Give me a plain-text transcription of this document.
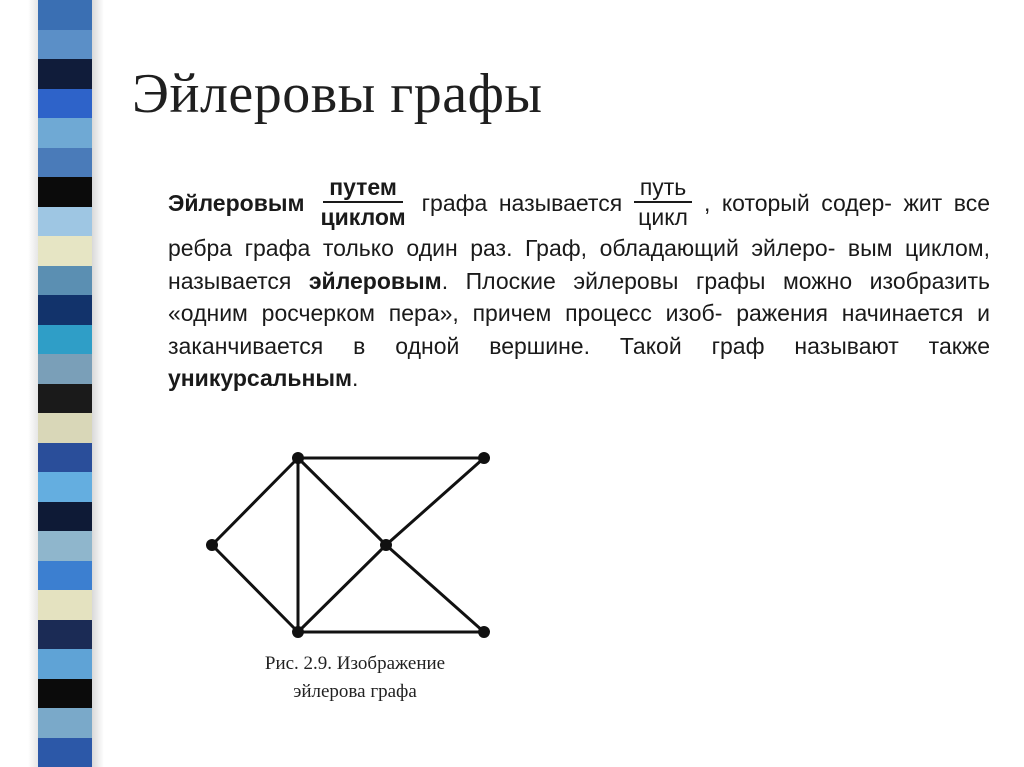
Эйлеровы графы

Эйлеровым $\frac{\text{путем}}{\text{циклом}}$ графа называется $\frac{\text{путь}}{\text{цикл}}$ , который содер- жит все ребра графа только один раз. Граф, обладающий эйлеро- вым циклом, называется эйлеровым. Плоские эйлеровы графы можно изобразить «одним росчерком пера», причем процесс изоб- ражения начинается и заканчивается в одной вершине. Такой граф называют также уникурсальным.

Рис. 2.9. Изображение
эйлерова графа
